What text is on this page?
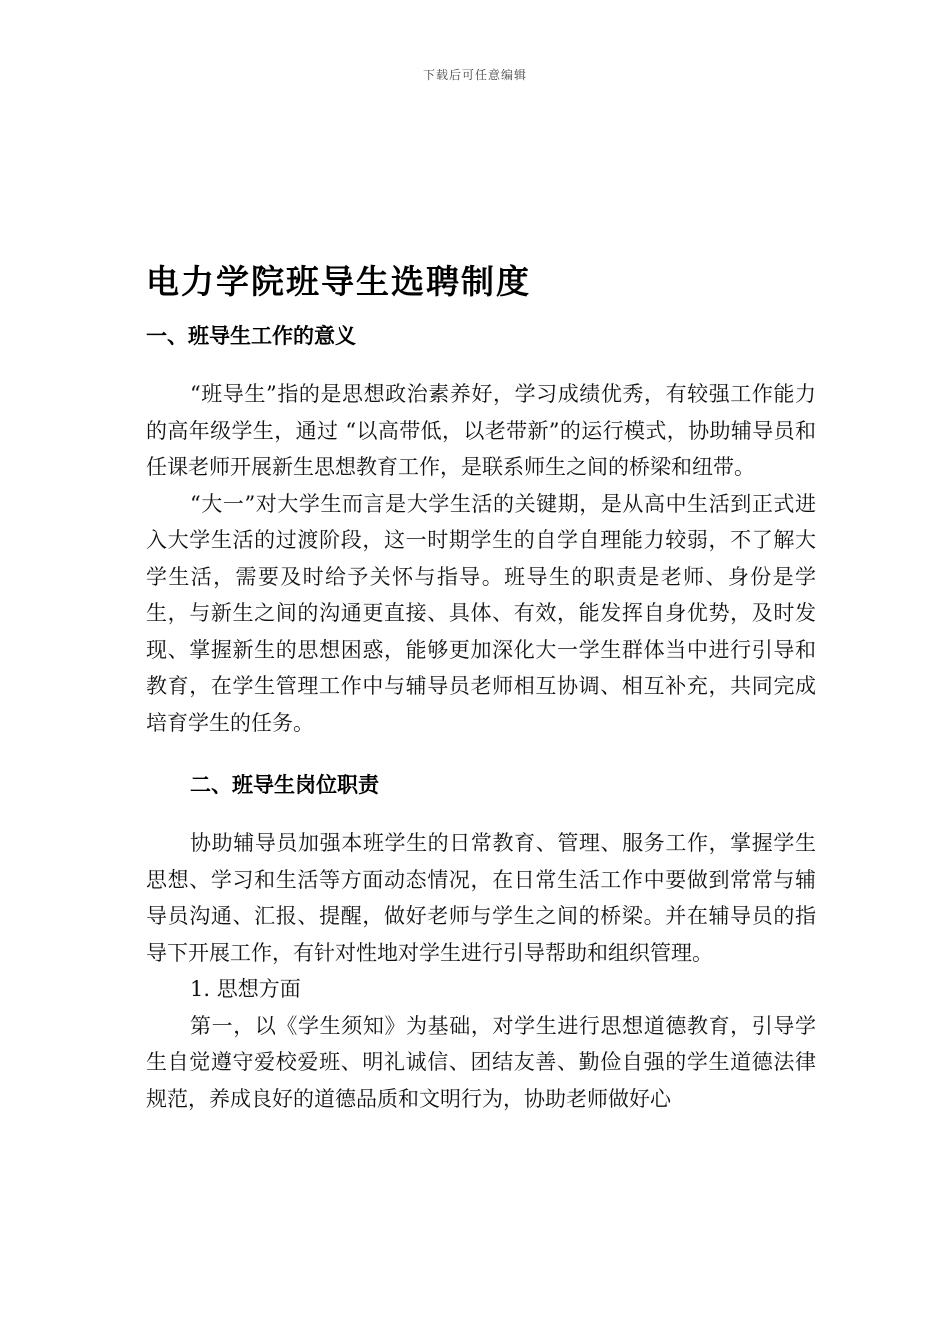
下载后可任意编辑
电力学院班导生选聘制度
一、班导生工作的意义

“班导生”指的是思想政治素养好，学习成绩优秀，有较强工作能力的高年级学生，通过 “以高带低，以老带新”的运行模式，协助辅导员和任课老师开展新生思想教育工作，是联系师生之间的桥梁和纽带。

“大一”对大学生而言是大学生活的关键期，是从高中生活到正式进入大学生活的过渡阶段，这一时期学生的自学自理能力较弱，不了解大学生活，需要及时给予关怀与指导。班导生的职责是老师、身份是学生，与新生之间的沟通更直接、具体、有效，能发挥自身优势，及时发现、掌握新生的思想困惑，能够更加深化大一学生群体当中进行引导和教育，在学生管理工作中与辅导员老师相互协调、相互补充，共同完成培育学生的任务。

二、班导生岗位职责

协助辅导员加强本班学生的日常教育、管理、服务工作，掌握学生思想、学习和生活等方面动态情况，在日常生活工作中要做到常常与辅导员沟通、汇报、提醒，做好老师与学生之间的桥梁。并在辅导员的指导下开展工作，有针对性地对学生进行引导帮助和组织管理。

1. 思想方面

第一，以《学生须知》为基础，对学生进行思想道德教育，引导学生自觉遵守爱校爱班、明礼诚信、团结友善、勤俭自强的学生道德法律规范，养成良好的道德品质和文明行为，协助老师做好心
